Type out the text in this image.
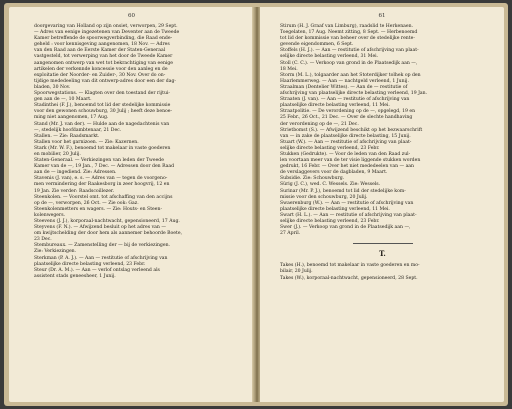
60

doorgevaring van Holland op zijn onsiet, verworpen, 29 Sept.
— Adres van eenige ingezetenen van Deventer aan de Tweede
Kamer betreffende de spoorwegverbinding, die Raad ende-
geheld : voor kennisgeving aangenomen, 18 Nov. — Adres
van den Raad aan de Eerste Kamer der Staten-Generaal
vastgesteld, tot verwerping van het door de Tweede Kamer
aangenomen ontwerp van wet tot bekrachtiging van eenige
artikelen der verkennde koncessie voor den aanleg en de
exploitatie der Noorder- en Zuider-, 30 Nov. Over do on-
tijdige mededeeling van dit ontwerp-adres door een der dag-
bladen, 30 Nov.

Spoorwegstations. — Klagten over den toestand der rijtui-
gen aan de —, 10 Maart.

Stadinthei (F. J.), benoemd tot lid der stedelijke kommissie
voor den gewonen schouwburg, 30 Julij ; heeft deze benoe-
ming niet aangenomen, 17 Aug.

Stand (Mr. J. van der). — Hulde aan de nagedachtenis van
—, stedelijk hoofdambtenaar, 21 Dec.

Stallen. — Zie: Raadsmarkt.

Stallen voor het garnizoen. — Zie: Kazernen.

Stark (Mr. W. F.), benoemd tot makelaar in vaste goederen
en mobilier, 20 Julij.

Staten-Generaal. — Verkiezingen van leden der Tweede
Kamer van de —, 19 Jan., 7 Dec. — Adressen door den Raad
aan de — ingediend. Zie: Adressen.

Stavenis (J. van), e. s. — Adres van — tegen de voorgeno-
men vermindering der Raakesborg in zeer hoogvrij, 12 en
19 Jan. Zie verder: Raadscoillezer.

Steenkolen. — Voorstel omt. tot afschaffing van den accijns
op de —, verworpen, 26 Oct. — Zie ook: Gaz.

Steenkolenmetters en wagers. — Zie: Houts- en Steen-
kolenwegers.

Steevens (J. J.), korporaal-nachtwacht, gepensioneerd, 17 Aug.

Steyvens (F. N.). — Afwijzend besluit op het adres van —
om kwijtschelding der door hem als aannemer behoorde Boete,
23 Dec.

Stembureaux. — Zamenstelling der — bij de verkiezingen.
Zie: Verkiezingen.

Sterkman (P. A. J.). — Aan — restitutie of afschrijving van
plaatselijke directe belasting verleend, 23 Febr.

Steur (Dr. A. M.). — Aan — verlof ontslag verleend als
assistent stads geneesheer, 1 Junij.

61

Stirum (H. J. Graaf van Limburg), raadslid te Herkenaen.
Toegelaten, 17 Aug. Neemt zitting, 8 Sept. — Herbenoemd
tot lid der kommissie van beheer over de stedelijke rente-
gevende eigendommen, 6 Sept.

Stoffels (H. J.). — Aan — restitutie of afschrijving van plaat-
selijke directe belasting verleend, 31 Mei.

Stoll (C. C.). — Verkoop van grond in de Plaatsedijk aan —,
18 Mei.

Storm (M. L.), tolgaarder aan het Stoterdijker tolhek op den
Haarlemmerweg. — Aan — nachtgeld verleend, 1 Junij.

Straalman (Dentelier Wittes). — Aan de — restitutie of
afschrijving van plaatselijke directe belasting verleend, 19 Jan.

Straaten (J. van). — Aan — restitutie of afschrijving van
plaatselijke directe belasting verleend, 11 Mei.

Straatpolitie. — De verordening op de —, opgelegd, 19 en
25 Febr., 26 Oct., 21 Dec. — Over de slechte handhaving
der verordening op de —, 21 Dec.

Strietbomst (S.). — Afwijzend beschikt op het bezwaarschrift
van — in zake de plaatselijke directe belasting, 15 Junij.

Stuart (W.). — Aan — restitutie of afschrijving van plaat-
selijke directe belasting verleend, 23 Febr.

Stukken (Gedrukte). — Voor de leden van den Raad zul-
len voortaan meer van de ter visie liggende stukken worden
gedrukt, 16 Febr. — Over het niet mededeelen van — aan
de verslaggevers voor de dagbladen, 9 Maart.

Subsidie. Zie: Schouwburg.

Sürig (J. C.), wed. C. Wessels. Zie: Wessels.

Surinar (Mr. P. J.), benoemd tot lid der stedelijke kom-
missie voor den schouwburg, 20 Julij.

Swaerenburg (W.). — Aan — restitutie of afschrijving van
plaatselijke directe belasting verleend, 11 Mei.

Swart (H. L.). — Aan — restitutie of afschrijving van plaat-
selijke directe belasting verleend, 23 Febr.

Swer (J.). — Verkoop van grond in de Plaatsedijk aan —,
27 April.

T.

Takes (H.), benoemd tot makelaar in vaste goederen en mo-
bilair, 20 Julij.

Takes (W.), korporaal-nachtwacht, gepensioneerd, 28 Sept.
